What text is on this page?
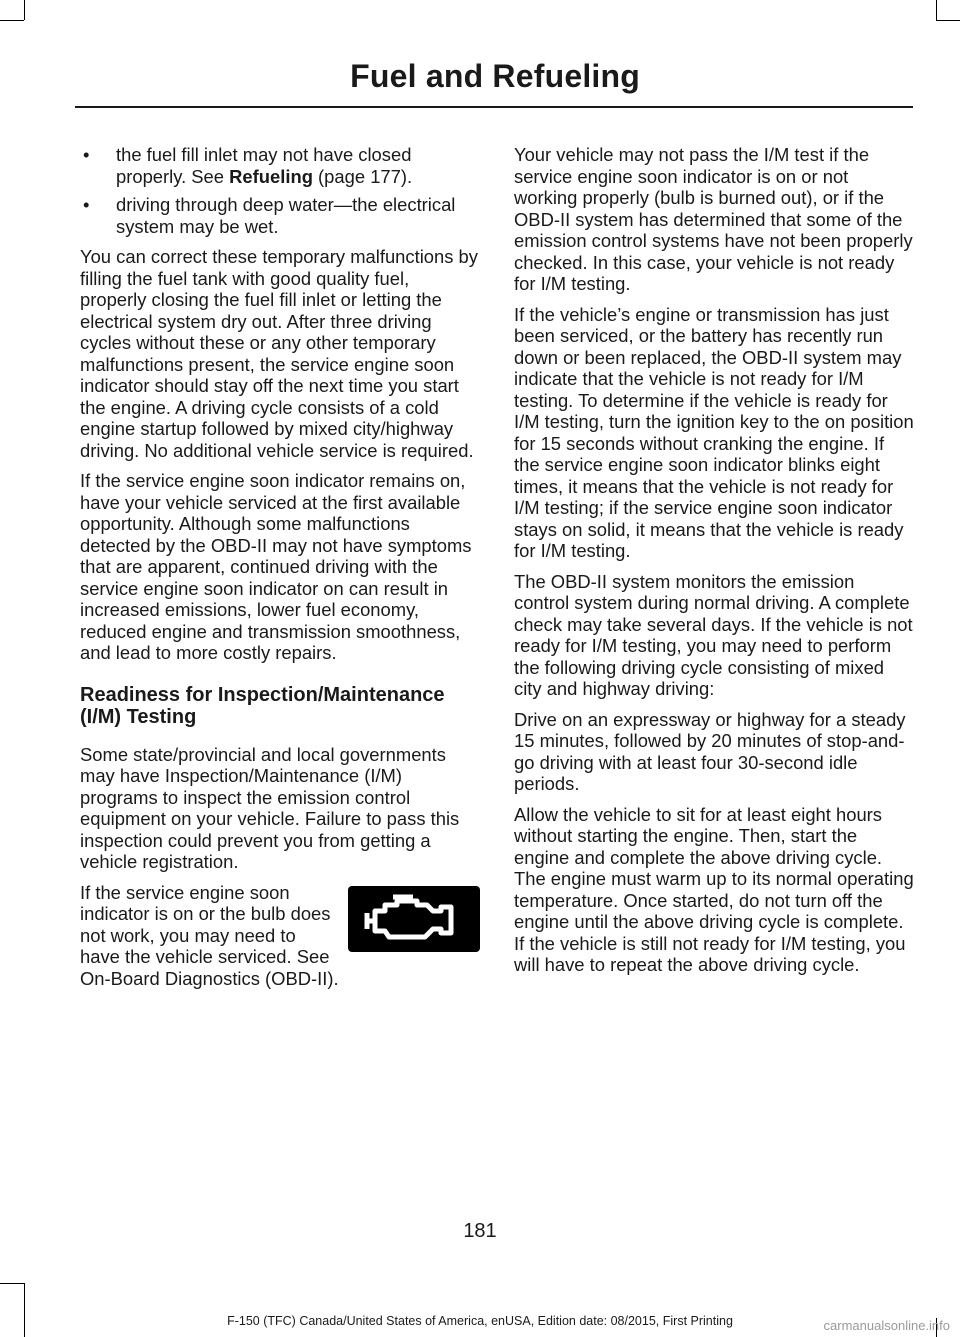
Fuel and Refueling
• the fuel fill inlet may not have closed properly. See Refueling (page 177).
• driving through deep water—the electrical system may be wet.

You can correct these temporary malfunctions by filling the fuel tank with good quality fuel, properly closing the fuel fill inlet or letting the electrical system dry out. After three driving cycles without these or any other temporary malfunctions present, the service engine soon indicator should stay off the next time you start the engine. A driving cycle consists of a cold engine startup followed by mixed city/highway driving. No additional vehicle service is required.

If the service engine soon indicator remains on, have your vehicle serviced at the first available opportunity. Although some malfunctions detected by the OBD-II may not have symptoms that are apparent, continued driving with the service engine soon indicator on can result in increased emissions, lower fuel economy, reduced engine and transmission smoothness, and lead to more costly repairs.

Readiness for Inspection/Maintenance (I/M) Testing

Some state/provincial and local governments may have Inspection/Maintenance (I/M) programs to inspect the emission control equipment on your vehicle. Failure to pass this inspection could prevent you from getting a vehicle registration.

If the service engine soon indicator is on or the bulb does not work, you may need to have the vehicle serviced. See On-Board Diagnostics (OBD-II).

Your vehicle may not pass the I/M test if the service engine soon indicator is on or not working properly (bulb is burned out), or if the OBD-II system has determined that some of the emission control systems have not been properly checked. In this case, your vehicle is not ready for I/M testing.

If the vehicle’s engine or transmission has just been serviced, or the battery has recently run down or been replaced, the OBD-II system may indicate that the vehicle is not ready for I/M testing. To determine if the vehicle is ready for I/M testing, turn the ignition key to the on position for 15 seconds without cranking the engine. If the service engine soon indicator blinks eight times, it means that the vehicle is not ready for I/M testing; if the service engine soon indicator stays on solid, it means that the vehicle is ready for I/M testing.

The OBD-II system monitors the emission control system during normal driving. A complete check may take several days. If the vehicle is not ready for I/M testing, you may need to perform the following driving cycle consisting of mixed city and highway driving:

Drive on an expressway or highway for a steady 15 minutes, followed by 20 minutes of stop-and-go driving with at least four 30-second idle periods.

Allow the vehicle to sit for at least eight hours without starting the engine. Then, start the engine and complete the above driving cycle. The engine must warm up to its normal operating temperature. Once started, do not turn off the engine until the above driving cycle is complete. If the vehicle is still not ready for I/M testing, you will have to repeat the above driving cycle.

181
F-150 (TFC) Canada/United States of America, enUSA, Edition date: 08/2015, First Printing	carmanualsonline.info
